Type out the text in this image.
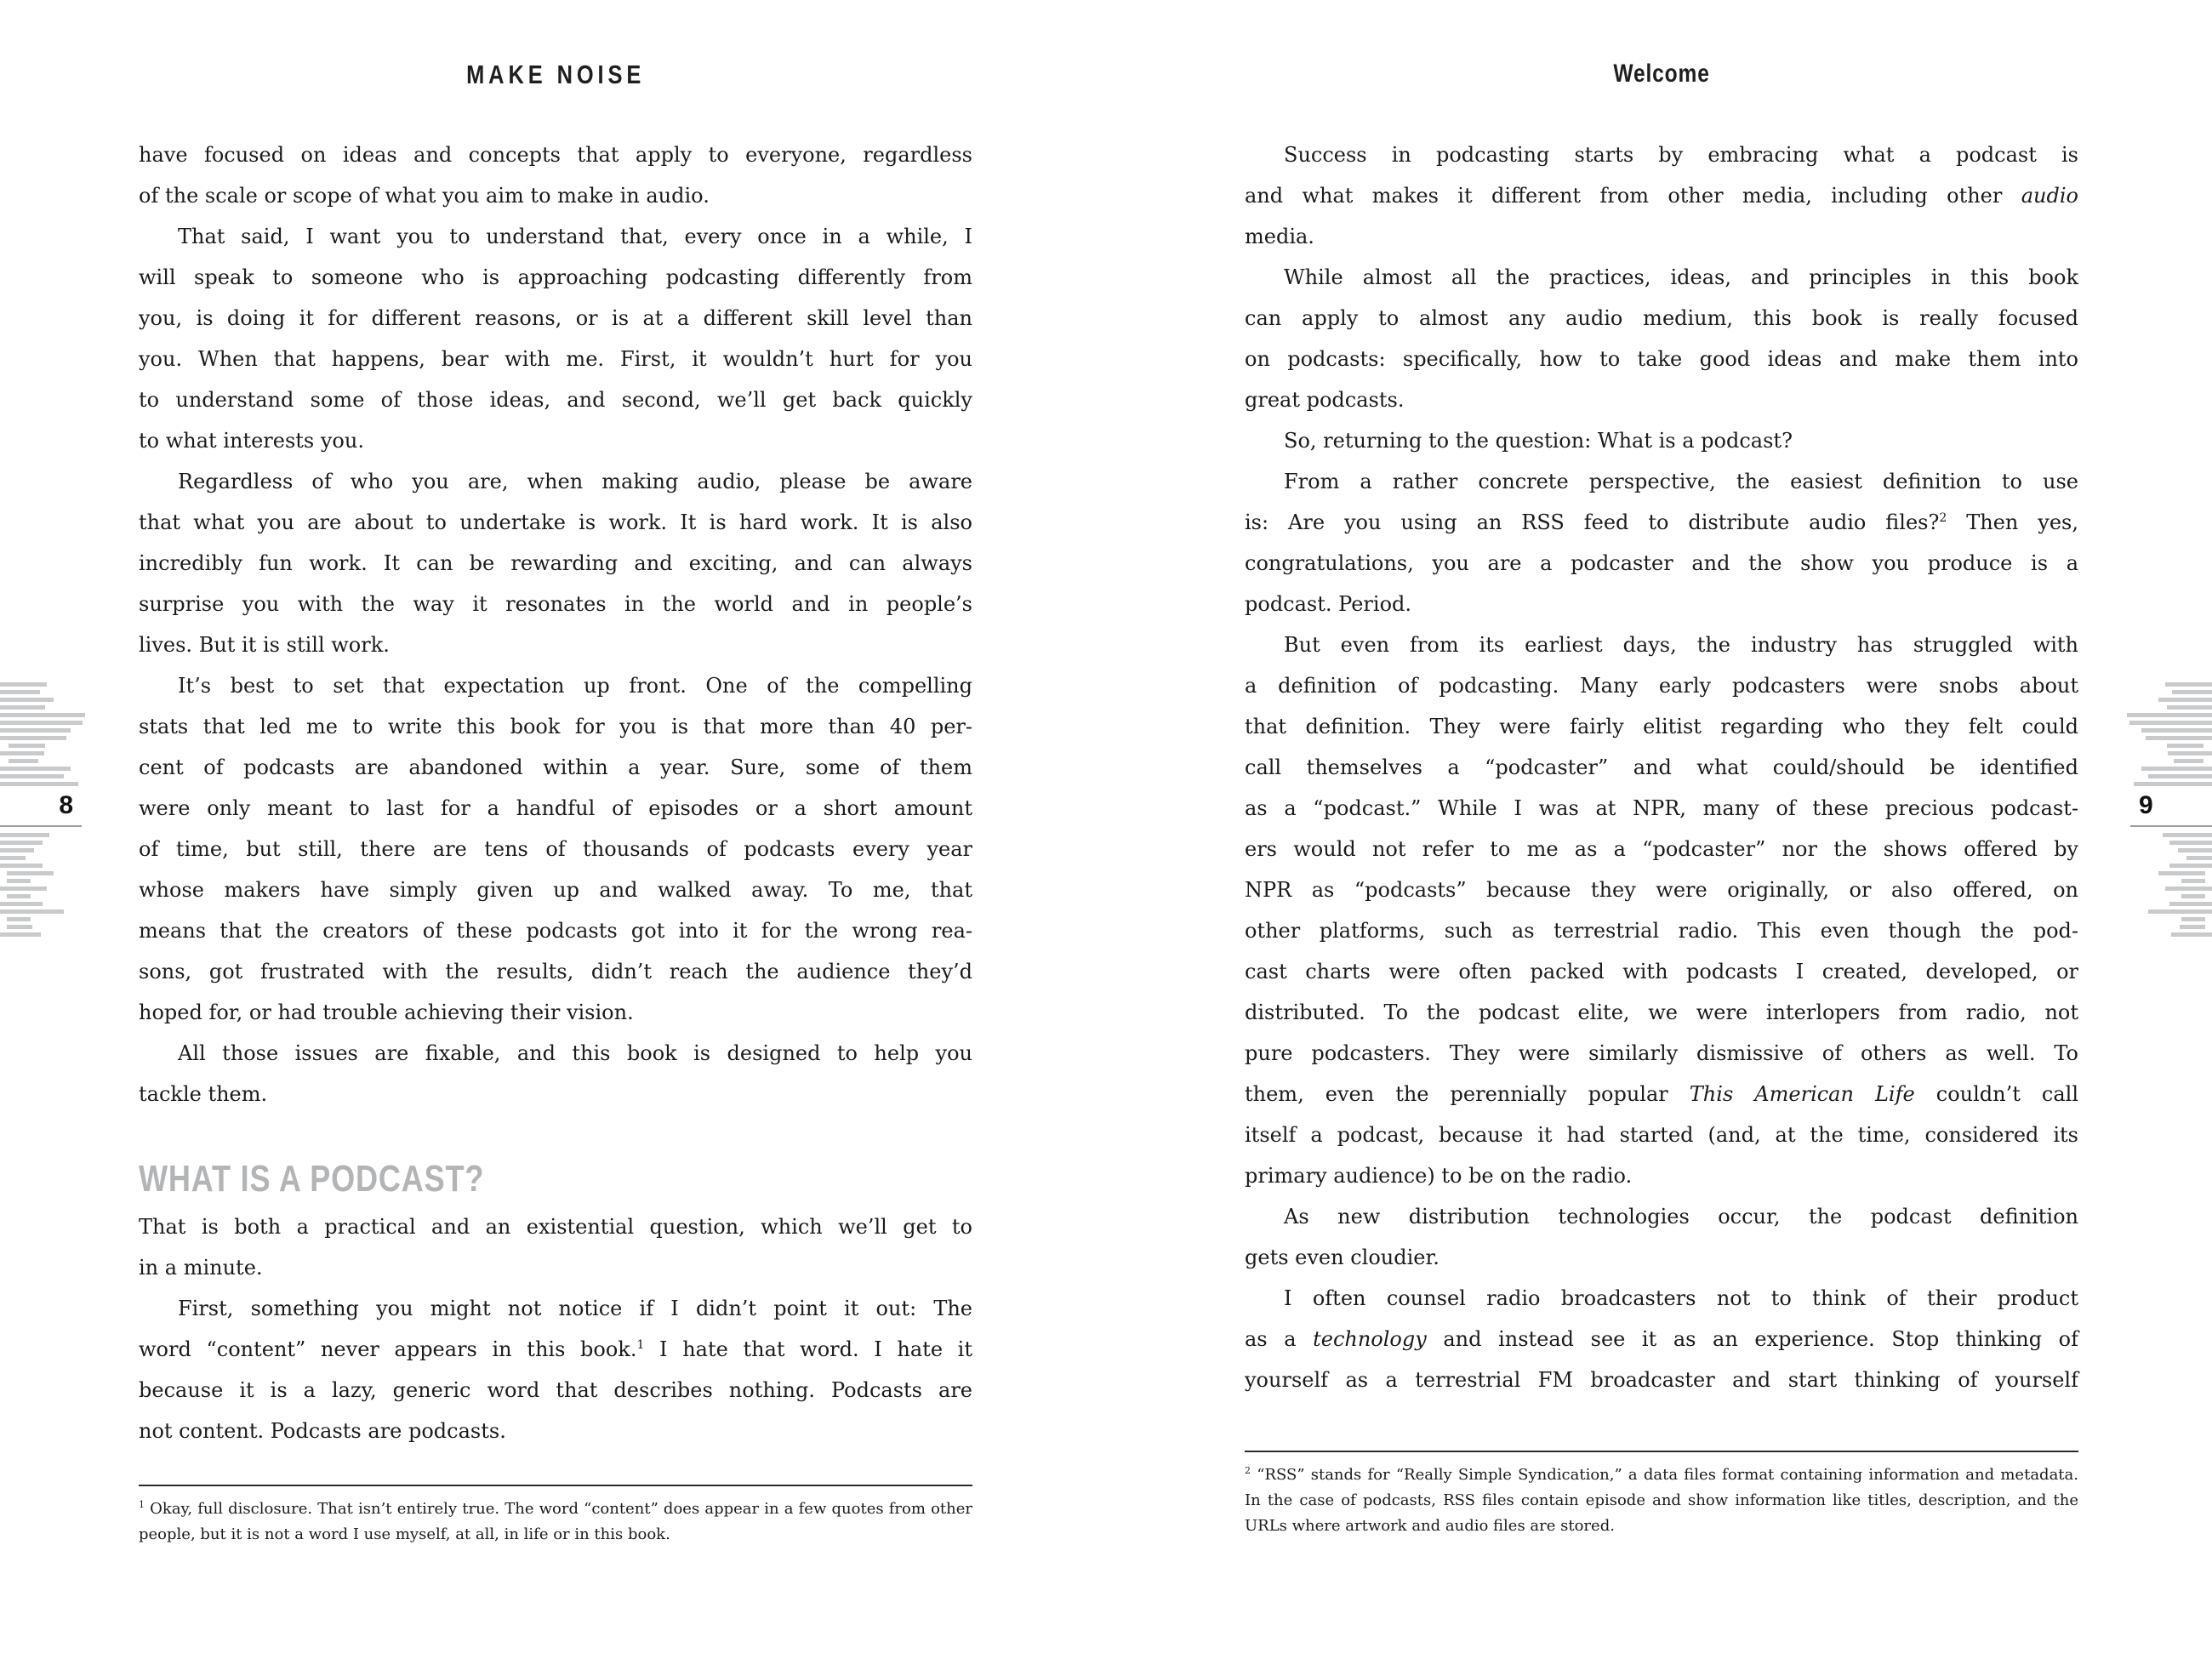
MAKE NOISE
have focused on ideas and concepts that apply to everyone, regardless
of the scale or scope of what you aim to make in audio.
That said, I want you to understand that, every once in a while, I
will speak to someone who is approaching podcasting differently from
you, is doing it for different reasons, or is at a different skill level than
you. When that happens, bear with me. First, it wouldn’t hurt for you
to understand some of those ideas, and second, we’ll get back quickly
to what interests you.
Regardless of who you are, when making audio, please be aware
that what you are about to undertake is work. It is hard work. It is also
incredibly fun work. It can be rewarding and exciting, and can always
surprise you with the way it resonates in the world and in people’s
lives. But it is still work.
It’s best to set that expectation up front. One of the compelling
stats that led me to write this book for you is that more than 40 per-
cent of podcasts are abandoned within a year. Sure, some of them
were only meant to last for a handful of episodes or a short amount
of time, but still, there are tens of thousands of podcasts every year
whose makers have simply given up and walked away. To me, that
means that the creators of these podcasts got into it for the wrong rea-
sons, got frustrated with the results, didn’t reach the audience they’d
hoped for, or had trouble achieving their vision.
All those issues are fixable, and this book is designed to help you
tackle them.
WHAT IS A PODCAST?
That is both a practical and an existential question, which we’ll get to
in a minute.
First, something you might not notice if I didn’t point it out: The
word “content” never appears in this book.$^1$ I hate that word. I hate it
because it is a lazy, generic word that describes nothing. Podcasts are
not content. Podcasts are podcasts.
$^1$ Okay, full disclosure. That isn’t entirely true. The word “content” does appear in a few quotes from other
people, but it is not a word I use myself, at all, in life or in this book.
8
Welcome
Success in podcasting starts by embracing what a podcast is
and what makes it different from other media, including other audio
media.
While almost all the practices, ideas, and principles in this book
can apply to almost any audio medium, this book is really focused
on podcasts: specifically, how to take good ideas and make them into
great podcasts.
So, returning to the question: What is a podcast?
From a rather concrete perspective, the easiest definition to use
is: Are you using an RSS feed to distribute audio files?$^2$ Then yes,
congratulations, you are a podcaster and the show you produce is a
podcast. Period.
But even from its earliest days, the industry has struggled with
a definition of podcasting. Many early podcasters were snobs about
that definition. They were fairly elitist regarding who they felt could
call themselves a “podcaster” and what could/should be identified
as a “podcast.” While I was at NPR, many of these precious podcast-
ers would not refer to me as a “podcaster” nor the shows offered by
NPR as “podcasts” because they were originally, or also offered, on
other platforms, such as terrestrial radio. This even though the pod-
cast charts were often packed with podcasts I created, developed, or
distributed. To the podcast elite, we were interlopers from radio, not
pure podcasters. They were similarly dismissive of others as well. To
them, even the perennially popular This American Life couldn’t call
itself a podcast, because it had started (and, at the time, considered its
primary audience) to be on the radio.
As new distribution technologies occur, the podcast definition
gets even cloudier.
I often counsel radio broadcasters not to think of their product
as a technology and instead see it as an experience. Stop thinking of
yourself as a terrestrial FM broadcaster and start thinking of yourself
$^2$ “RSS” stands for “Really Simple Syndication,” a data files format containing information and metadata.
In the case of podcasts, RSS files contain episode and show information like titles, description, and the
URLs where artwork and audio files are stored.
9
